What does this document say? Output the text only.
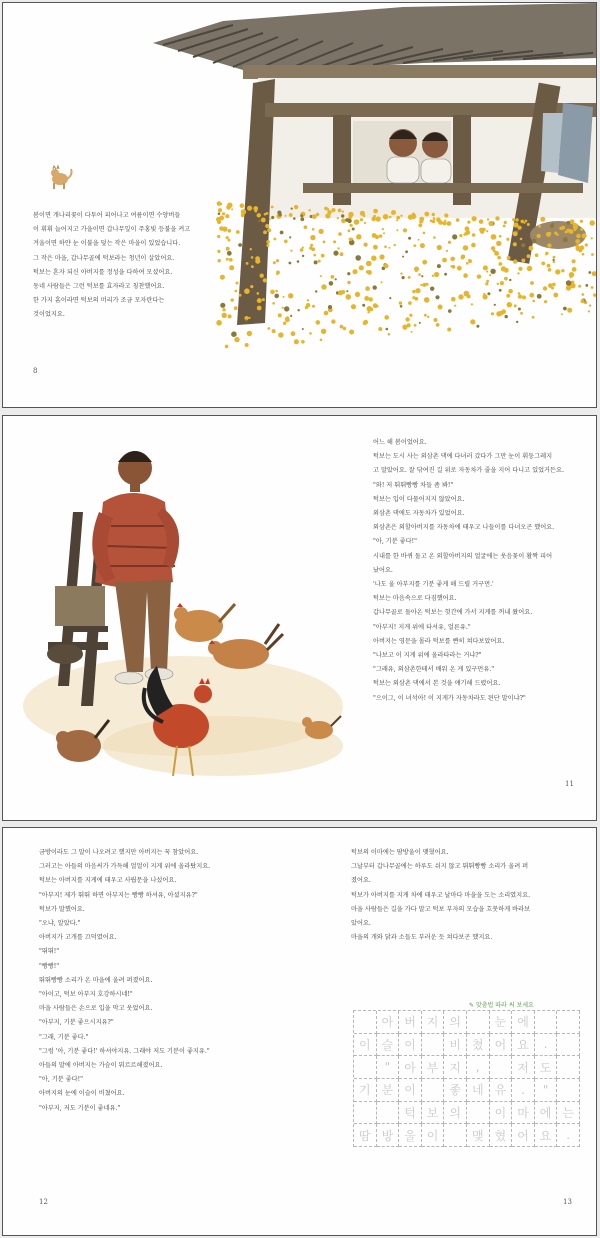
봄이면 개나리꽃이 다투어 피어나고 여름이면 수양버들

이 휘휘 늘어지고 가을이면 갑나무잎이 주홍빛 등불을 켜고

겨울이면 하얀 눈 이불을 덮는 작은 마을이 있었습니다.

그 작은 마을, 갑나무골에 턱보라는 청년이 살았어요.

턱보는 혼자 되신 아버지를 정성을 다하여 모셨어요.

동네 사람들은 그런 턱보를 효자라고 칭찬했어요.

한 가지 흠이라면 턱보의 머리가 조금 모자란다는

것이었지요.

8

어느 해 봄이었어요.

턱보는 도시 사는 외삼촌 댁에 다녀러 갔다가 그만 눈이 휘둥그레지

고 말았어요. 잘 닦여진 길 위로 자동차가 줄을 지어 다니고 있었거든요.

"와! 저 뛰뛰빵빵 차들 좀 봐!"

턱보는 입이 다물어지지 않았어요.

외삼촌 댁에도 자동차가 있었어요.

외삼촌은 외할아버지를 자동차에 태우고 나들이를 다녀오곤 했어요.

"아, 기분 좋다!"

시내를 한 바퀴 돌고 온 외할아버지의 얼굴에는 웃음꽃이 활짝 피어

났어요.

'나도 울 아부지를 기분 좋게 해 드릴 거구먼.'

턱보는 마음속으로 다짐했어요.

갑나무골로 돌아온 턱보는 헛간에 가서 지게를 꺼내 왔어요.

"아부지! 지게 위에 타셔유, 얼른유."

아버지는 영문을 몰라 턱보를 빤히 쳐다보았어요.

"나보고 이 지게 위에 올라타라는 거냐?"

"그래유, 외삼촌한테서 배워 온 게 있구먼유."

턱보는 외삼촌 댁에서 본 것을 얘기해 드렸어요.

"으이그, 이 녀석아! 이 지게가 자동차라도 된단 말이냐?"

11

금방이라도 그 말이 나오려고 했지만 아버지는 꾹 참았어요.

그러고는 아들의 마음씨가 가득해 얼얼이 지게 위에 올라탔지요.

턱보는 아버지를 지게에 태우고 사립문을 나섰어요.

"아부지! 제가 뛰뛰 하면 아부지는 빵빵 하셔유, 아셨지유?"

턱보가 말했어요.

"오냐, 알았다."

아버지가 고개를 끄덕였어요.

"뛰뛰!"

"빵빵!"

뛰뛰빵빵 소리가 온 마을에 울려 퍼졌어요.

"아이고, 턱보 아부지 호강하시네!"

마을 사람들은 손으로 입을 막고 웃었어요.

"아부지, 기분 좋으시지유?"

"그래, 기분 좋다."

"그럼 '아, 기분 좋다!' 하셔야지유. 그래야 저도 기분이 좋지유."

아들의 말에 아버지는 가슴이 뭐르르해졌어요.

"아, 기분 좋다!"

아버지의 눈에 이슬이 비쳤어요.

"아부지, 저도 기분이 좋네유."

턱보의 이마에는 땀방울이 맺혔어요.

그날부터 갑나무골에는 하루도 쉬지 않고 뛰뛰빵빵 소리가 울려 퍼

졌어요.

턱보가 아버지를 지게 차에 태우고 날마다 마을을 도는 소리였지요.

마을 사람들은 길을 가다 말고 턱보 부자의 모습을 흐뭇하게 바라보

았어요.

마을의 개와 닭과 소들도 부러운 듯 쳐다보곤 했지요.

✎ 맞춤법 따라 써 보세요
아 버 지 의	눈 에
이 슬 이	비 쳤 어 요	.
"	아 부 지	,	저 도
기 분 이	좋 네 유	.	"
턱 보 의	이 마 에 는
땀 방 울 이	맺 혔 어 요	.
12	13
